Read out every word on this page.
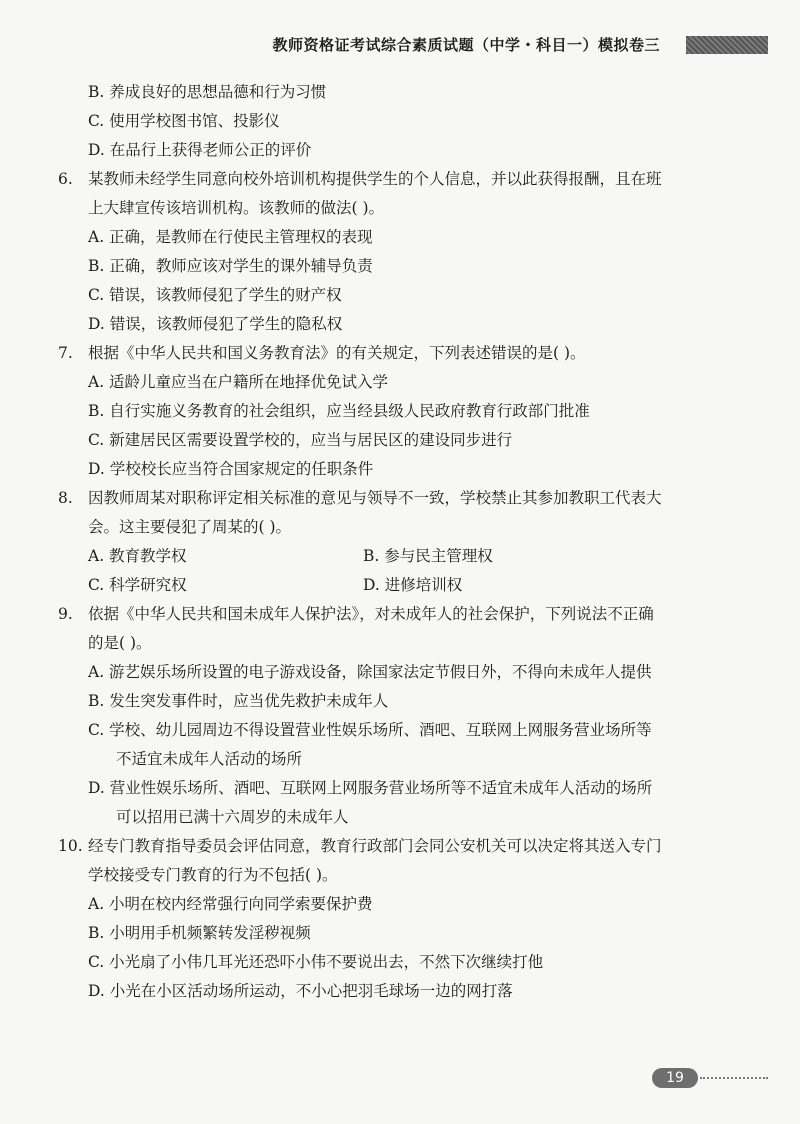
教师资格证考试综合素质试题（中学・科目一）模拟卷三
B. 养成良好的思想品德和行为习惯
C. 使用学校图书馆、投影仪
D. 在品行上获得老师公正的评价
6. 某教师未经学生同意向校外培训机构提供学生的个人信息，并以此获得报酬，且在班
上大肆宣传该培训机构。该教师的做法( )。
A. 正确，是教师在行使民主管理权的表现
B. 正确，教师应该对学生的课外辅导负责
C. 错误，该教师侵犯了学生的财产权
D. 错误，该教师侵犯了学生的隐私权
7. 根据《中华人民共和国义务教育法》的有关规定，下列表述错误的是( )。
A. 适龄儿童应当在户籍所在地择优免试入学
B. 自行实施义务教育的社会组织，应当经县级人民政府教育行政部门批准
C. 新建居民区需要设置学校的，应当与居民区的建设同步进行
D. 学校校长应当符合国家规定的任职条件
8. 因教师周某对职称评定相关标准的意见与领导不一致，学校禁止其参加教职工代表大
会。这主要侵犯了周某的( )。
A. 教育教学权	B. 参与民主管理权
C. 科学研究权	D. 进修培训权
9. 依据《中华人民共和国未成年人保护法》，对未成年人的社会保护，下列说法不正确
的是( )。
A. 游艺娱乐场所设置的电子游戏设备，除国家法定节假日外，不得向未成年人提供
B. 发生突发事件时，应当优先救护未成年人
C. 学校、幼儿园周边不得设置营业性娱乐场所、酒吧、互联网上网服务营业场所等
不适宜未成年人活动的场所
D. 营业性娱乐场所、酒吧、互联网上网服务营业场所等不适宜未成年人活动的场所
可以招用已满十六周岁的未成年人
10. 经专门教育指导委员会评估同意，教育行政部门会同公安机关可以决定将其送入专门
学校接受专门教育的行为不包括( )。
A. 小明在校内经常强行向同学索要保护费
B. 小明用手机频繁转发淫秽视频
C. 小光扇了小伟几耳光还恐吓小伟不要说出去，不然下次继续打他
D. 小光在小区活动场所运动，不小心把羽毛球场一边的网打落
19
